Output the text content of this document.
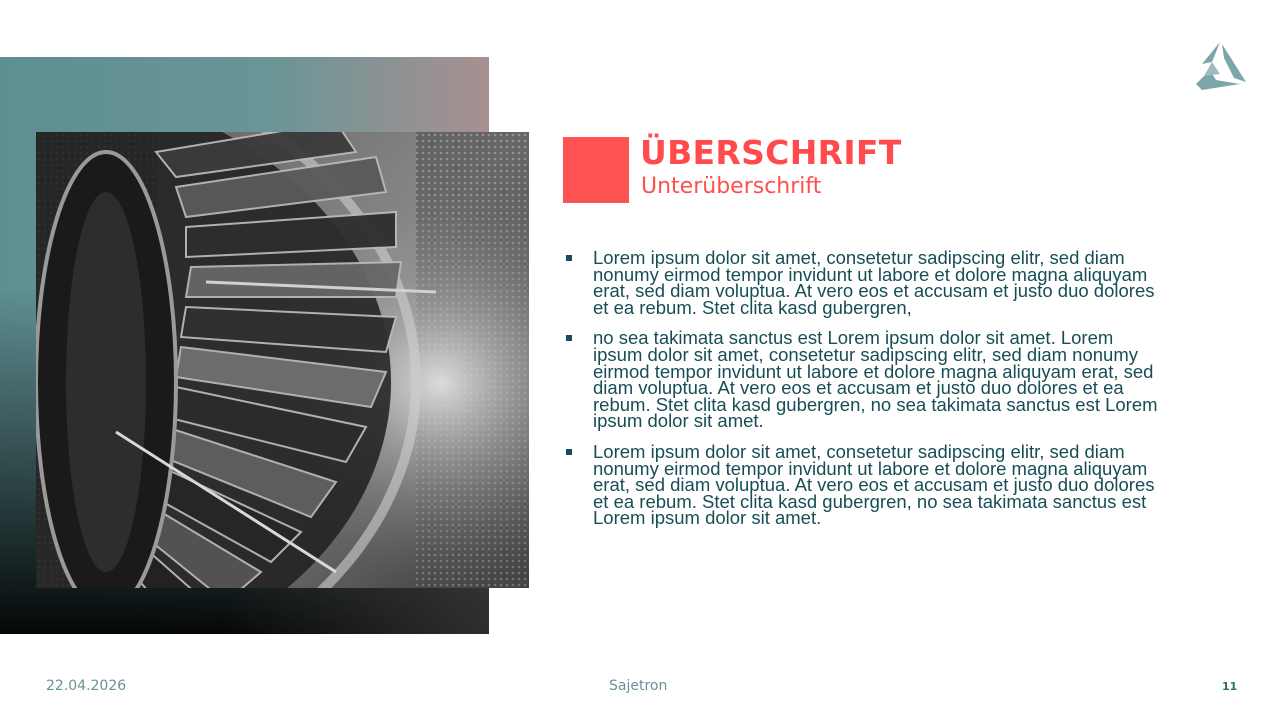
ÜBERSCHRIFT
Unterüberschrift
Lorem ipsum dolor sit amet, consetetur sadipscing elitr, sed diam nonumy eirmod tempor invidunt ut labore et dolore magna aliquyam erat, sed diam voluptua. At vero eos et accusam et justo duo dolores et ea rebum. Stet clita kasd gubergren,
no sea takimata sanctus est Lorem ipsum dolor sit amet. Lorem ipsum dolor sit amet, consetetur sadipscing elitr, sed diam nonumy eirmod tempor invidunt ut labore et dolore magna aliquyam erat, sed diam voluptua. At vero eos et accusam et justo duo dolores et ea rebum. Stet clita kasd gubergren, no sea takimata sanctus est Lorem ipsum dolor sit amet.
Lorem ipsum dolor sit amet, consetetur sadipscing elitr, sed diam nonumy eirmod tempor invidunt ut labore et dolore magna aliquyam erat, sed diam voluptua. At vero eos et accusam et justo duo dolores et ea rebum. Stet clita kasd gubergren, no sea takimata sanctus est Lorem ipsum dolor sit amet.
22.04.2026	Sajetron	11
